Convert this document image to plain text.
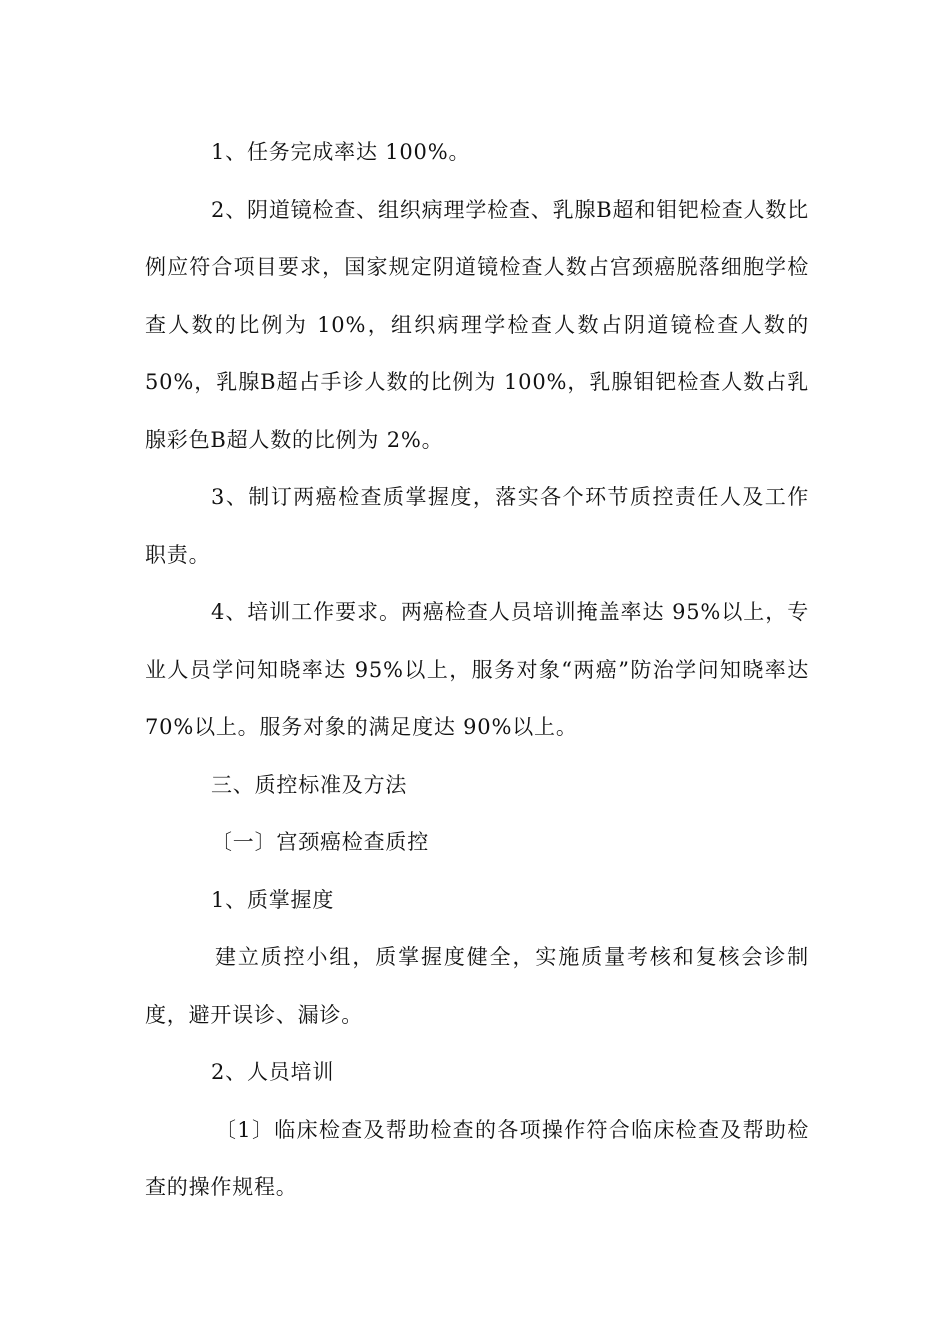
1、任务完成率达 100%。

2、阴道镜检查、组织病理学检查、乳腺B超和钼钯检查人数比例应符合项目要求，国家规定阴道镜检查人数占宫颈癌脱落细胞学检查人数的比例为 10%，组织病理学检查人数占阴道镜检查人数的 50%，乳腺B超占手诊人数的比例为 100%，乳腺钼钯检查人数占乳腺彩色B超人数的比例为 2%。

3、制订两癌检查质掌握度，落实各个环节质控责任人及工作职责。

4、培训工作要求。两癌检查人员培训掩盖率达 95%以上，专业人员学问知晓率达 95%以上，服务对象“两癌”防治学问知晓率达 70%以上。服务对象的满足度达 90%以上。

三、质控标准及方法

〔一〕宫颈癌检查质控

1、质掌握度

建立质控小组，质掌握度健全，实施质量考核和复核会诊制度，避开误诊、漏诊。

2、人员培训

〔1〕临床检查及帮助检查的各项操作符合临床检查及帮助检查的操作规程。
